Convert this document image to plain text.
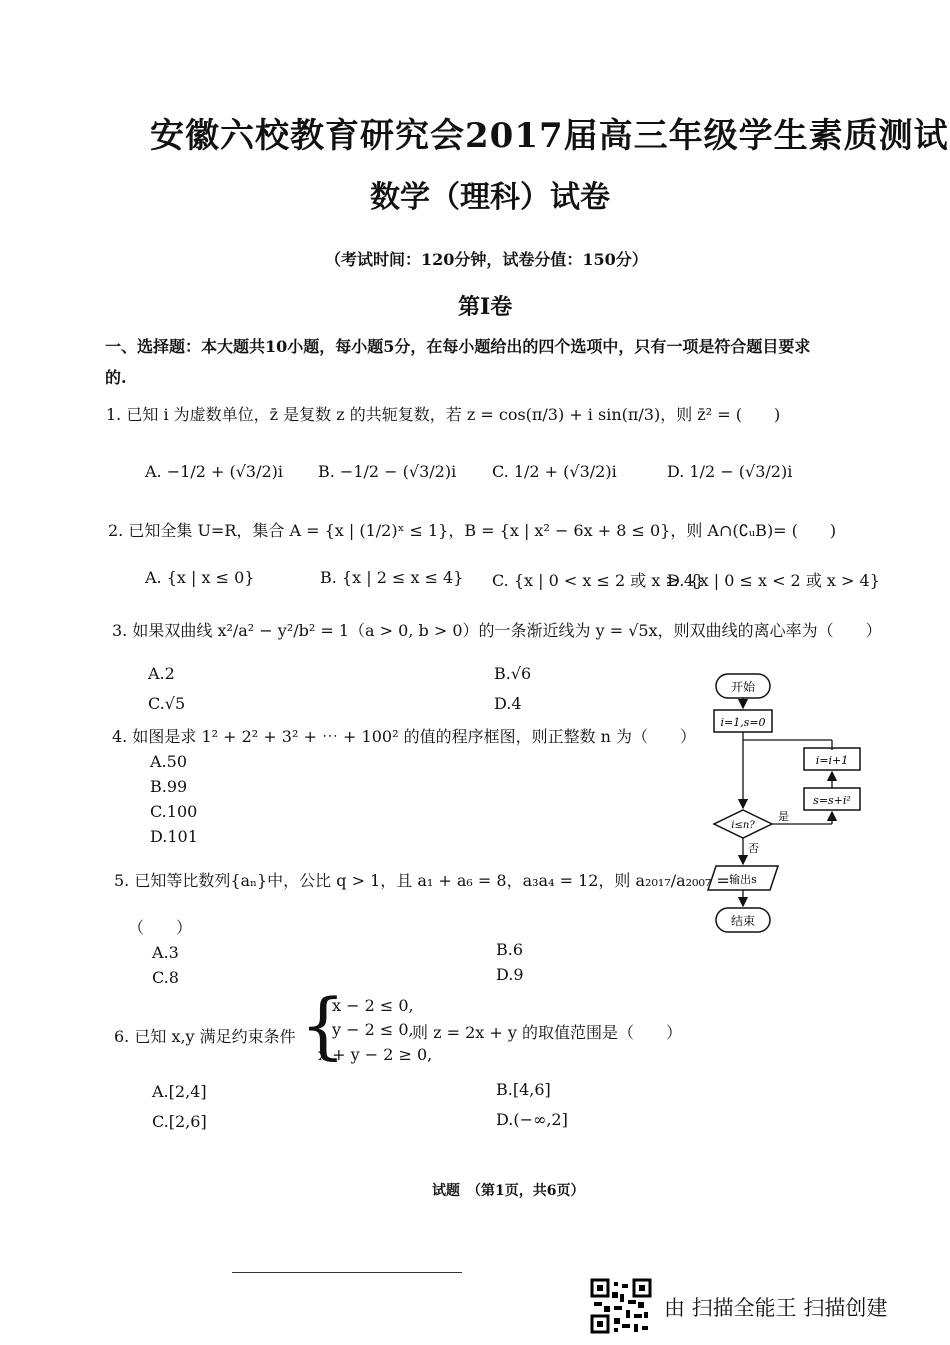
安徽六校教育研究会2017届高三年级学生素质测试
数学（理科）试卷
（考试时间：120分钟，试卷分值：150分）
第Ⅰ卷
一、选择题：本大题共10小题，每小题5分，在每小题给出的四个选项中，只有一项是符合题目要求
的.
1. 已知 i 为虚数单位，z̄ 是复数 z 的共轭复数，若 z = cos(π/3) + i sin(π/3)，则 z̄² = (　　)
A. −1/2 + (√3/2)i B. −1/2 − (√3/2)i C. 1/2 + (√3/2)i	D. 1/2 − (√3/2)i
2. 已知全集 U=R，集合 A = {x | (1/2)ˣ ≤ 1}，B = {x | x² − 6x + 8 ≤ 0}，则 A∩(∁ᵤB)= (　　)
A. {x | x ≤ 0}	B. {x | 2 ≤ x ≤ 4} C. {x | 0 < x ≤ 2 或 x ≥ 4}
D. {x | 0 ≤ x < 2 或 x > 4}
3. 如果双曲线 x²/a² − y²/b² = 1（a > 0, b > 0）的一条渐近线为 y = √5x，则双曲线的离心率为（　　）
A.2	B.√6
C.√5	D.4
4. 如图是求 1² + 2² + 3² + ⋯ + 100² 的值的程序框图，则正整数 n 为（　　）
A.50
B.99
C.100
D.101
5. 已知等比数列{aₙ}中，公比 q > 1，且 a₁ + a₆ = 8，a₃a₄ = 12，则 a₂₀₁₇/a₂₀₀₇ =
（　　）
A.3	B.6
C.8	D.9
6. 已知 x,y 满足约束条件 {
x − 2 ≤ 0,
y − 2 ≤ 0,
x + y − 2 ≥ 0,
则 z = 2x + y 的取值范围是（　　）
A.[2,4]	B.[4,6]
C.[2,6]	D.(−∞,2]
开始
i=1,s=0
i=i+1
s=s+i²
i≤n?
是
否
输出s
结束
试题　（第1页，共6页）
由 扫描全能王 扫描创建
